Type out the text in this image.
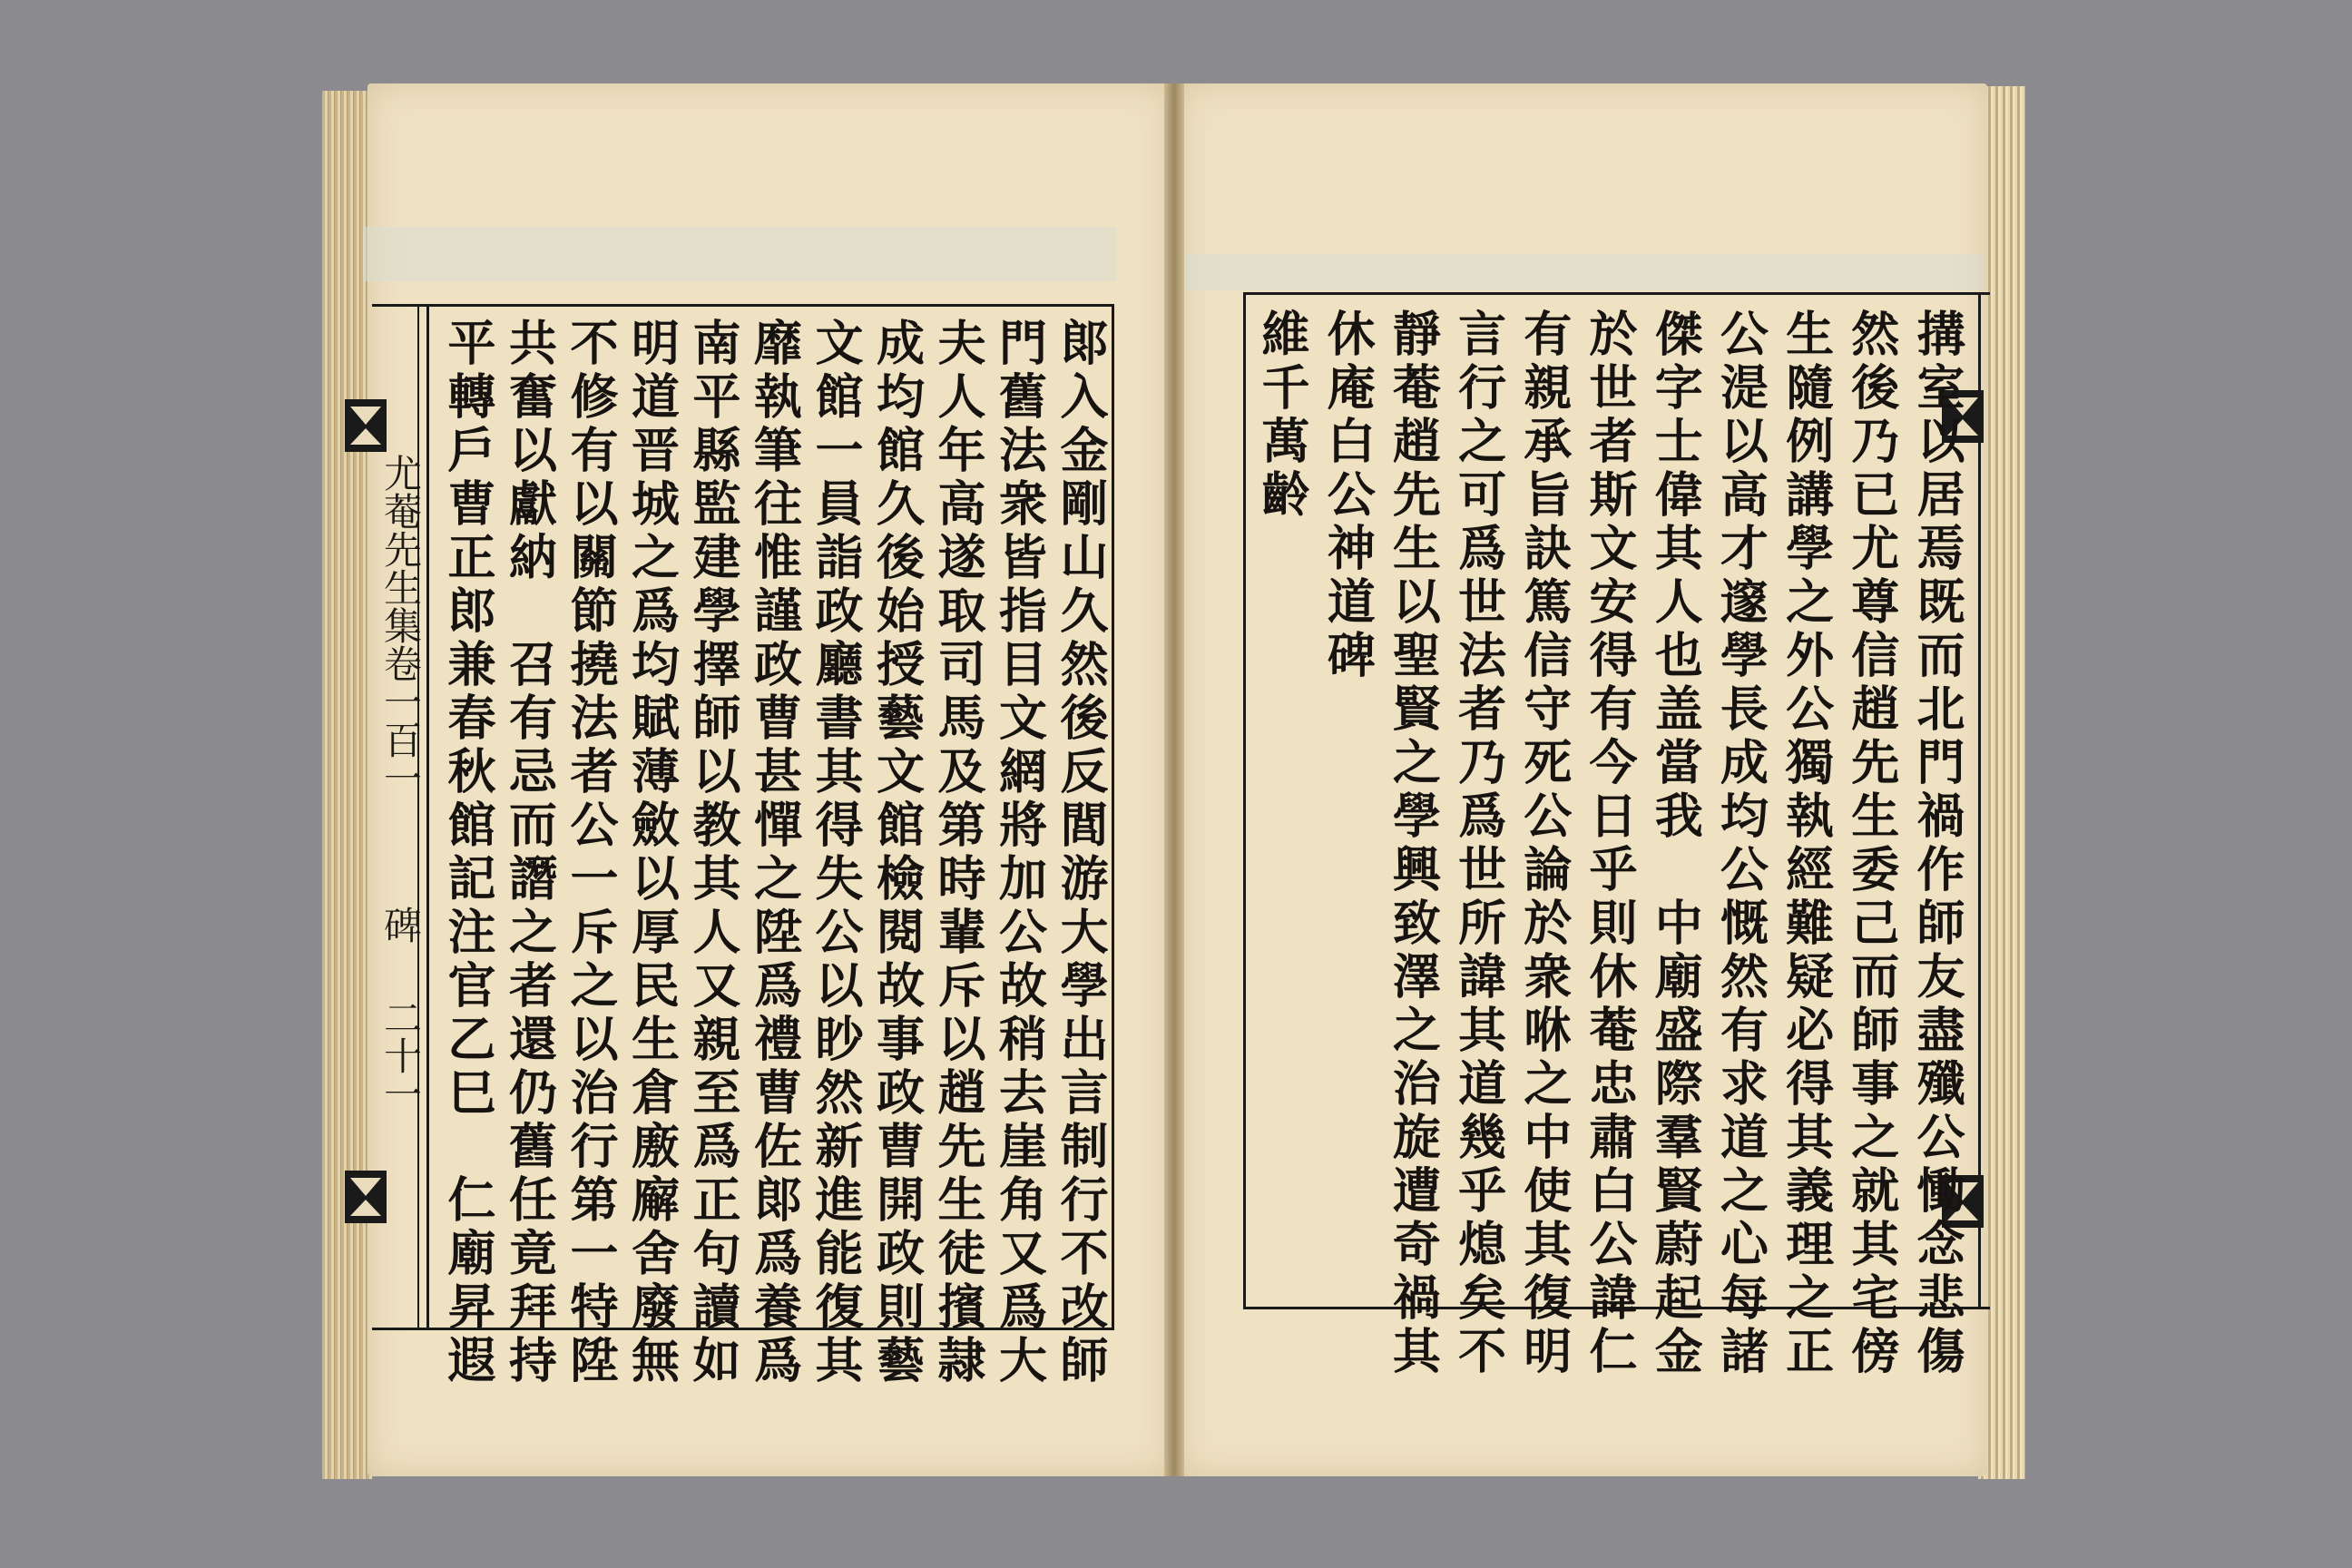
尤菴先生集卷一百一
碑
二十一 平轉戶曹正郎兼春秋館記注官乙巳　仁廟昇遐 共奮以獻納　召有忌而譖之者還仍舊任竟拜持 不修有以關節撓法者公一斥之以治行第一特陞 明道晋城之爲均賦薄斂以厚民生倉廒廨舍廢無 南平縣監建學擇師以教其人又親至爲正句讀如 靡執筆往惟謹政曹甚憚之陞爲禮曹佐郞爲養爲 文館一員詣政廳書其得失公以眇然新進能復其 成均館久後始授藝文館檢閱故事政曹開政則藝 夫人年高遂取司馬及第時輩斥以趙先生徒擯隷 門舊法衆皆指目文網將加公故稍去崖角又爲大 郞入金剛山久然後反閭游大學出言制行不改師	維千萬齡 休庵白公神道碑 靜菴趙先生以聖賢之學興致澤之治旋遭奇禍其 言行之可爲世法者乃爲世所諱其道幾乎熄矣不 有親承旨訣篤信守死公論於衆咻之中使其復明 於世者斯文安得有今日乎則休菴忠肅白公諱仁 傑字士偉其人也盖當我　中廟盛際羣賢蔚起金 公湜以高才邃學長成均公慨然有求道之心每諸 生隨例講學之外公獨執經難疑必得其義理之正 然後乃已尤尊信趙先生委己而師事之就其宅傍 搆室以居焉既而北門禍作師友盡殲公慟念悲傷
